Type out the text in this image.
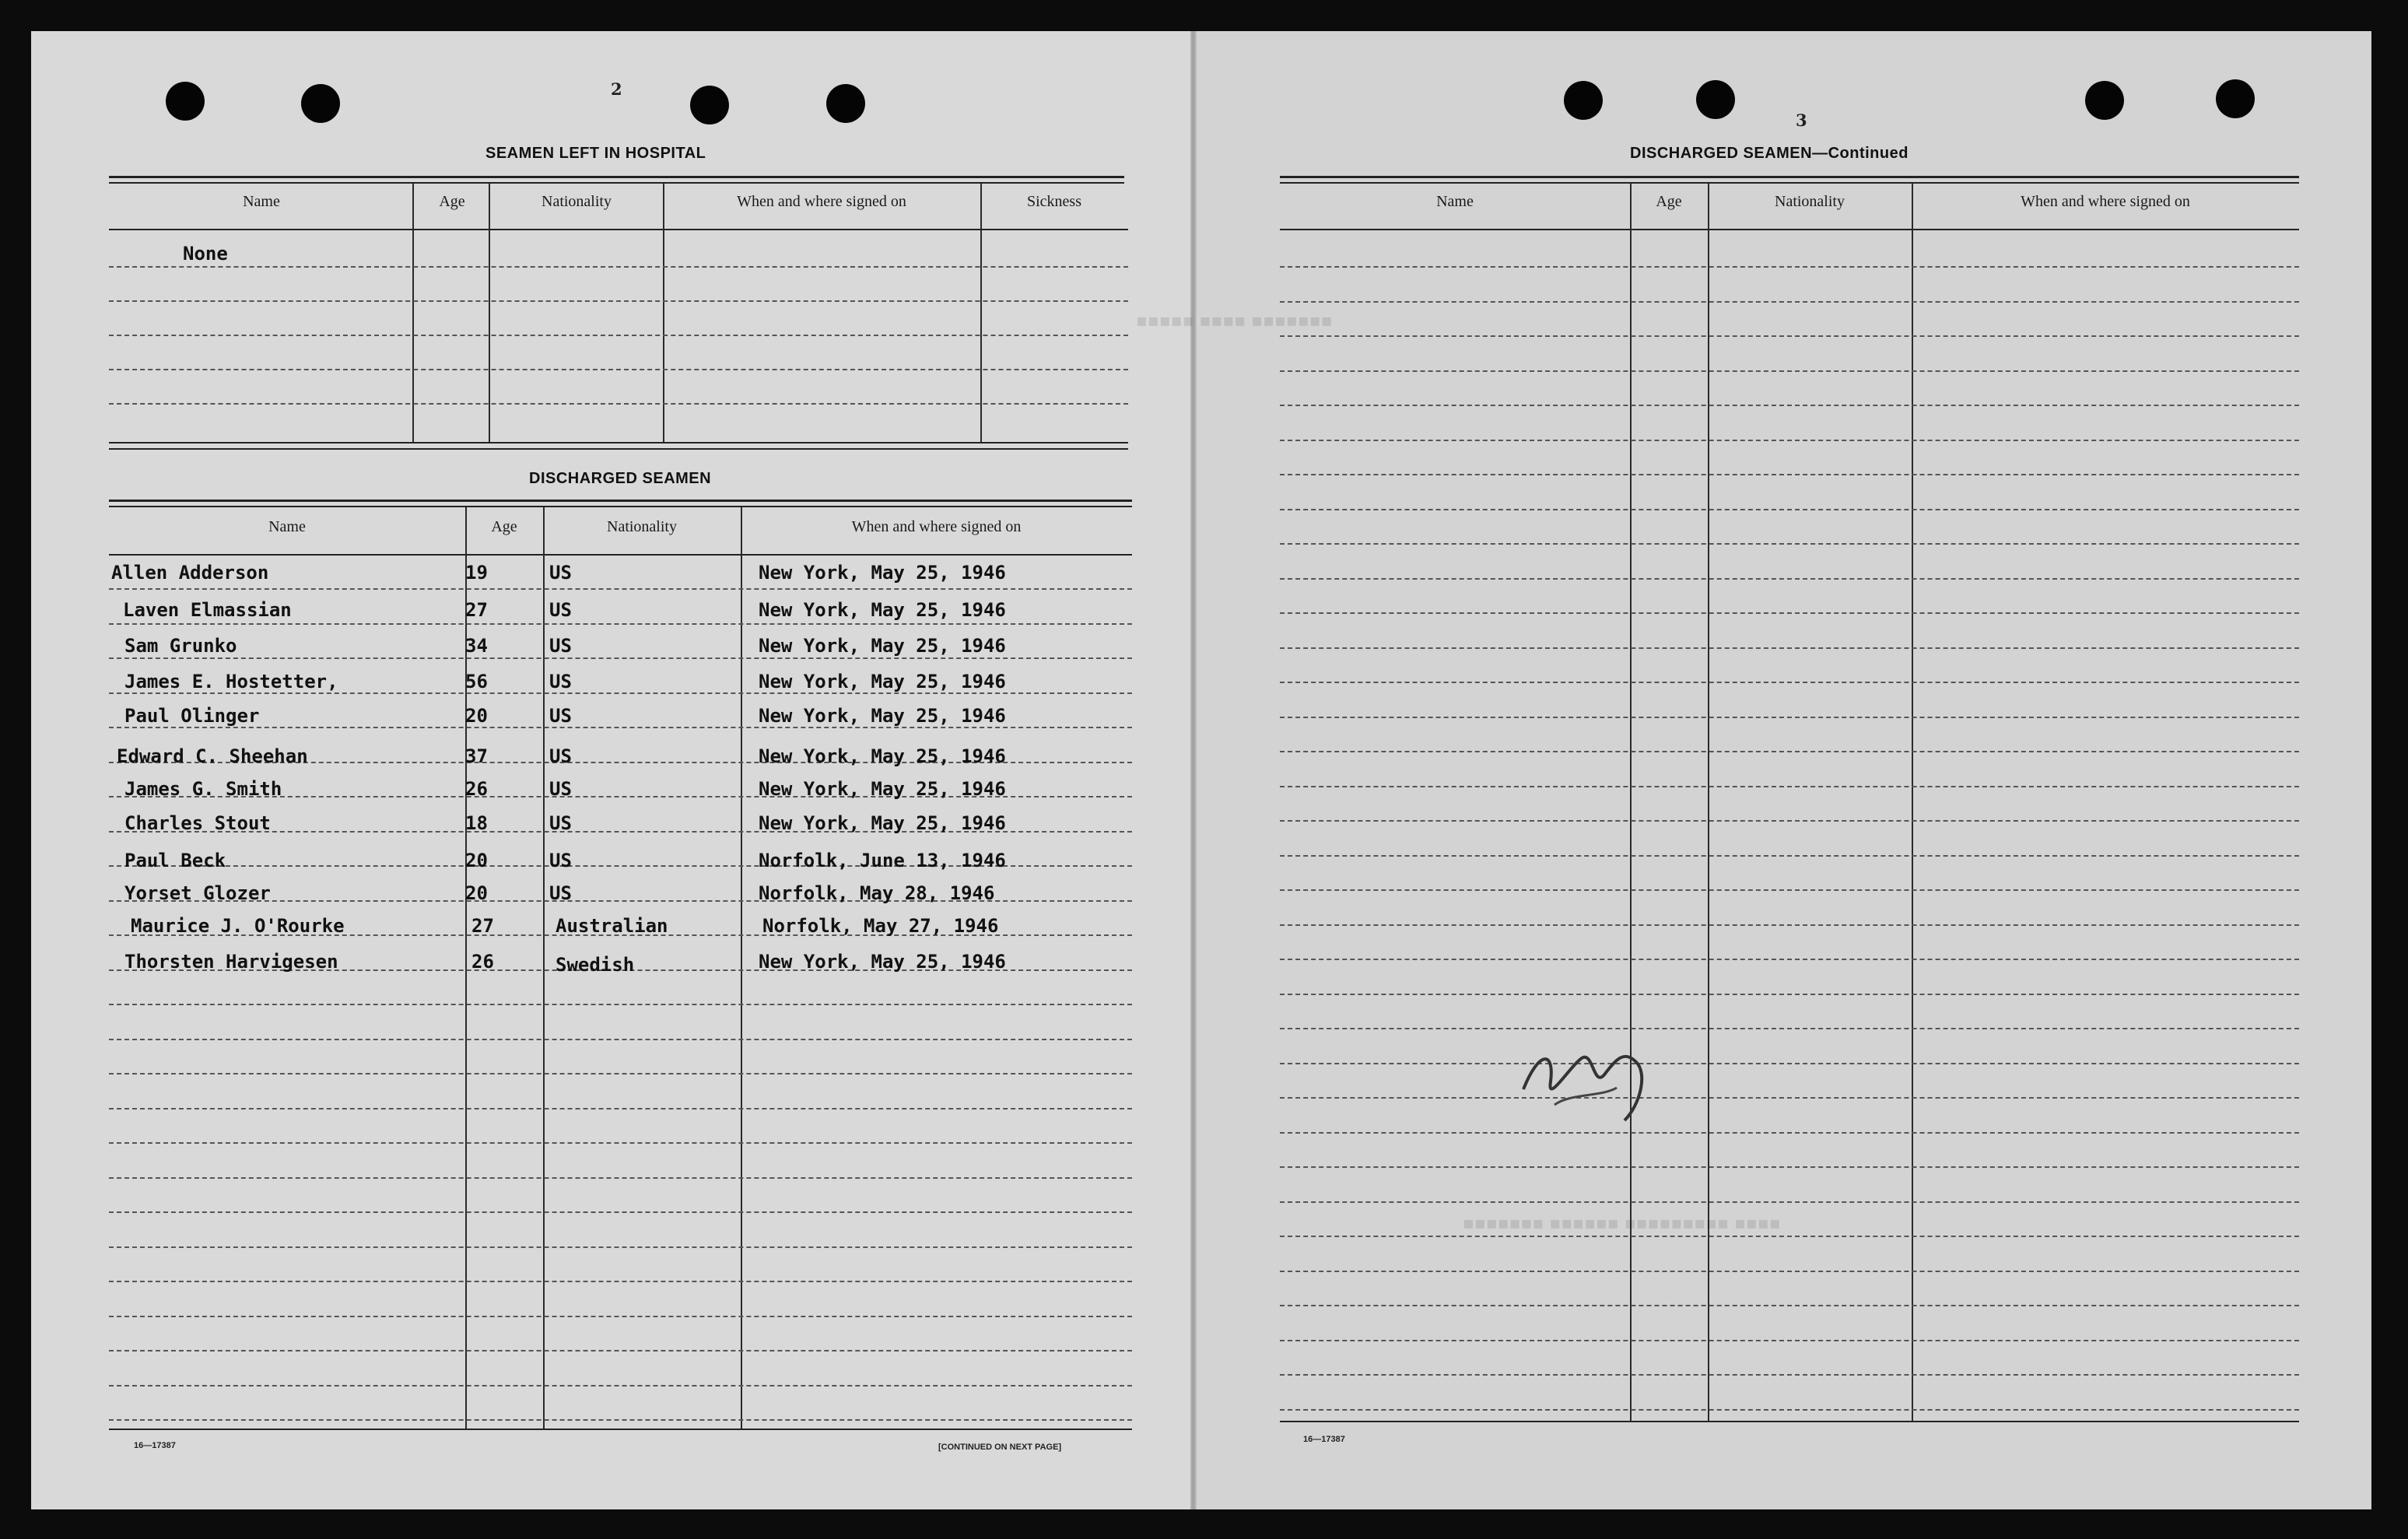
2
SEAMEN LEFT IN HOSPITAL
Name	Age	Nationality	When and where signed on	Sickness
None
DISCHARGED SEAMEN
Name	Age	Nationality	When and where signed on
Allen Adderson	19	US	New York, May 25, 1946
Laven Elmassian	27	US	New York, May 25, 1946
Sam Grunko	34	US	New York, May 25, 1946
James E. Hostetter,	56	US	New York, May 25, 1946
Paul Olinger	20	US	New York, May 25, 1946
Edward C. Sheehan	37	US	New York, May 25, 1946
James G. Smith	26	US	New York, May 25, 1946
Charles Stout	18	US	New York, May 25, 1946
Paul Beck	20	US	Norfolk, June 13, 1946
Yorset Glozer	20	US	Norfolk, May 28, 1946
Maurice J. O'Rourke	27	Australian	Norfolk, May 27, 1946
Thorsten Harvigesen	26	Swedish	New York, May 25, 1946
16—17387	[CONTINUED ON NEXT PAGE]
3
DISCHARGED SEAMEN—Continued
Name	Age	Nationality	When and where signed on
16—17387
